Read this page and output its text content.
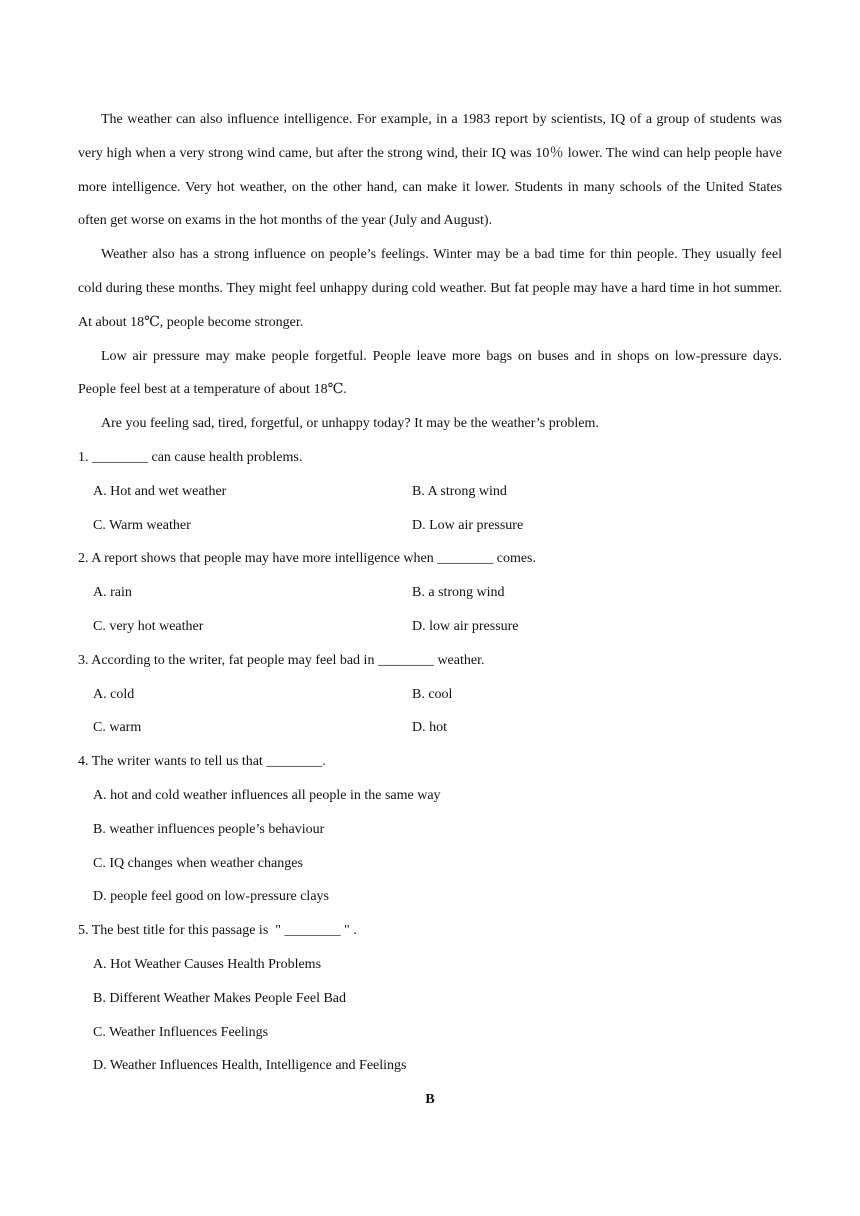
The weather can also influence intelligence. For example, in a 1983 report by scientists, IQ of a group of students was very high when a very strong wind came, but after the strong wind, their IQ was 10％ lower. The wind can help people have more intelligence. Very hot weather, on the other hand, can make it lower. Students in many schools of the United States often get worse on exams in the hot months of the year (July and August).

Weather also has a strong influence on people’s feelings. Winter may be a bad time for thin people. They usually feel cold during these months. They might feel unhappy during cold weather. But fat people may have a hard time in hot summer. At about 18℃, people become stronger.

Low air pressure may make people forgetful. People leave more bags on buses and in shops on low-pressure days. People feel best at a temperature of about 18℃.

Are you feeling sad, tired, forgetful, or unhappy today? It may be the weather’s problem.

1. ________ can cause health problems.
A. Hot and wet weather	B. A strong wind
C. Warm weather	D. Low air pressure
2. A report shows that people may have more intelligence when ________ comes.
A. rain	B. a strong wind
C. very hot weather	D. low air pressure
3. According to the writer, fat people may feel bad in ________ weather.
A. cold	B. cool
C. warm	D. hot
4. The writer wants to tell us that ________.
A. hot and cold weather influences all people in the same way
B. weather influences people’s behaviour
C. IQ changes when weather changes
D. people feel good on low-pressure clays
5. The best title for this passage is  " ________ " .
A. Hot Weather Causes Health Problems
B. Different Weather Makes People Feel Bad
C. Weather Influences Feelings
D. Weather Influences Health, Intelligence and Feelings
B
